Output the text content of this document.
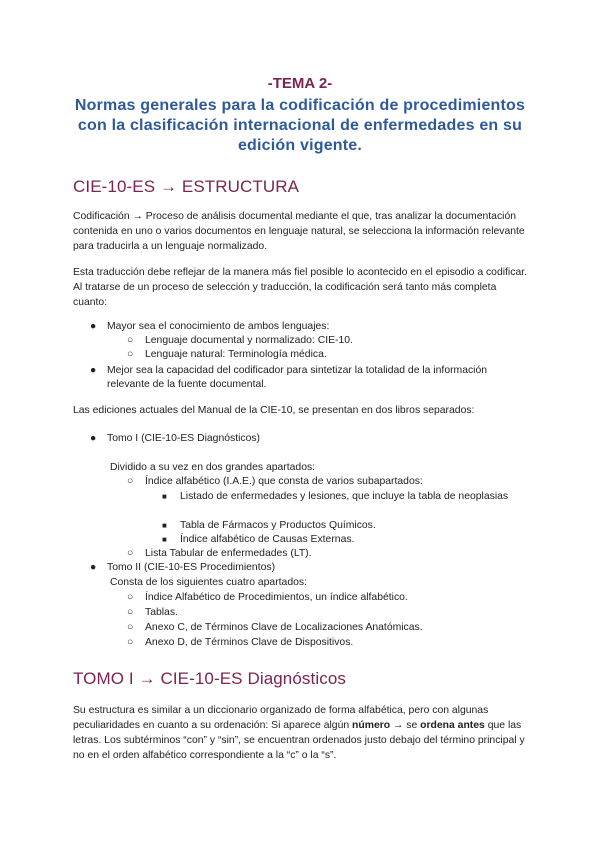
-TEMA 2-
Normas generales para la codificación de procedimientos con la clasificación internacional de enfermedades en su edición vigente.
CIE-10-ES → ESTRUCTURA
Codificación → Proceso de análisis documental mediante el que, tras analizar la documentación contenida en uno o varios documentos en lenguaje natural, se selecciona la información relevante para traducirla a un lenguaje normalizado.
Esta traducción debe reflejar de la manera más fiel posible lo acontecido en el episodio a codificar. Al tratarse de un proceso de selección y traducción, la codificación será tanto más completa cuanto:
● Mayor sea el conocimiento de ambos lenguajes:
○ Lenguaje documental y normalizado: CIE-10.
○ Lenguaje natural: Terminología médica.
● Mejor sea la capacidad del codificador para sintetizar la totalidad de la información relevante de la fuente documental.
Las ediciones actuales del Manual de la CIE-10, se presentan en dos libros separados:
● Tomo I (CIE-10-ES Diagnósticos)
Dividido a su vez en dos grandes apartados:
○ Índice alfabético (I.A.E.) que consta de varios subapartados:
■ Listado de enfermedades y lesiones, que incluye la tabla de neoplasias
■ Tabla de Fármacos y Productos Químicos.
■ Índice alfabético de Causas Externas.
○ Lista Tabular de enfermedades (LT).
● Tomo II (CIE-10-ES Procedimientos)
Consta de los siguientes cuatro apartados:
○ Índice Alfabético de Procedimientos, un índice alfabético.
○ Tablas.
○ Anexo C, de Términos Clave de Localizaciones Anatómicas.
○ Anexo D, de Términos Clave de Dispositivos.
TOMO I → CIE-10-ES Diagnósticos
Su estructura es similar a un diccionario organizado de forma alfabética, pero con algunas peculiaridades en cuanto a su ordenación: Si aparece algún número → se ordena antes que las letras. Los subtérminos “con” y “sin”, se encuentran ordenados justo debajo del término principal y no en el orden alfabético correspondiente a la “c” o la “s”.
